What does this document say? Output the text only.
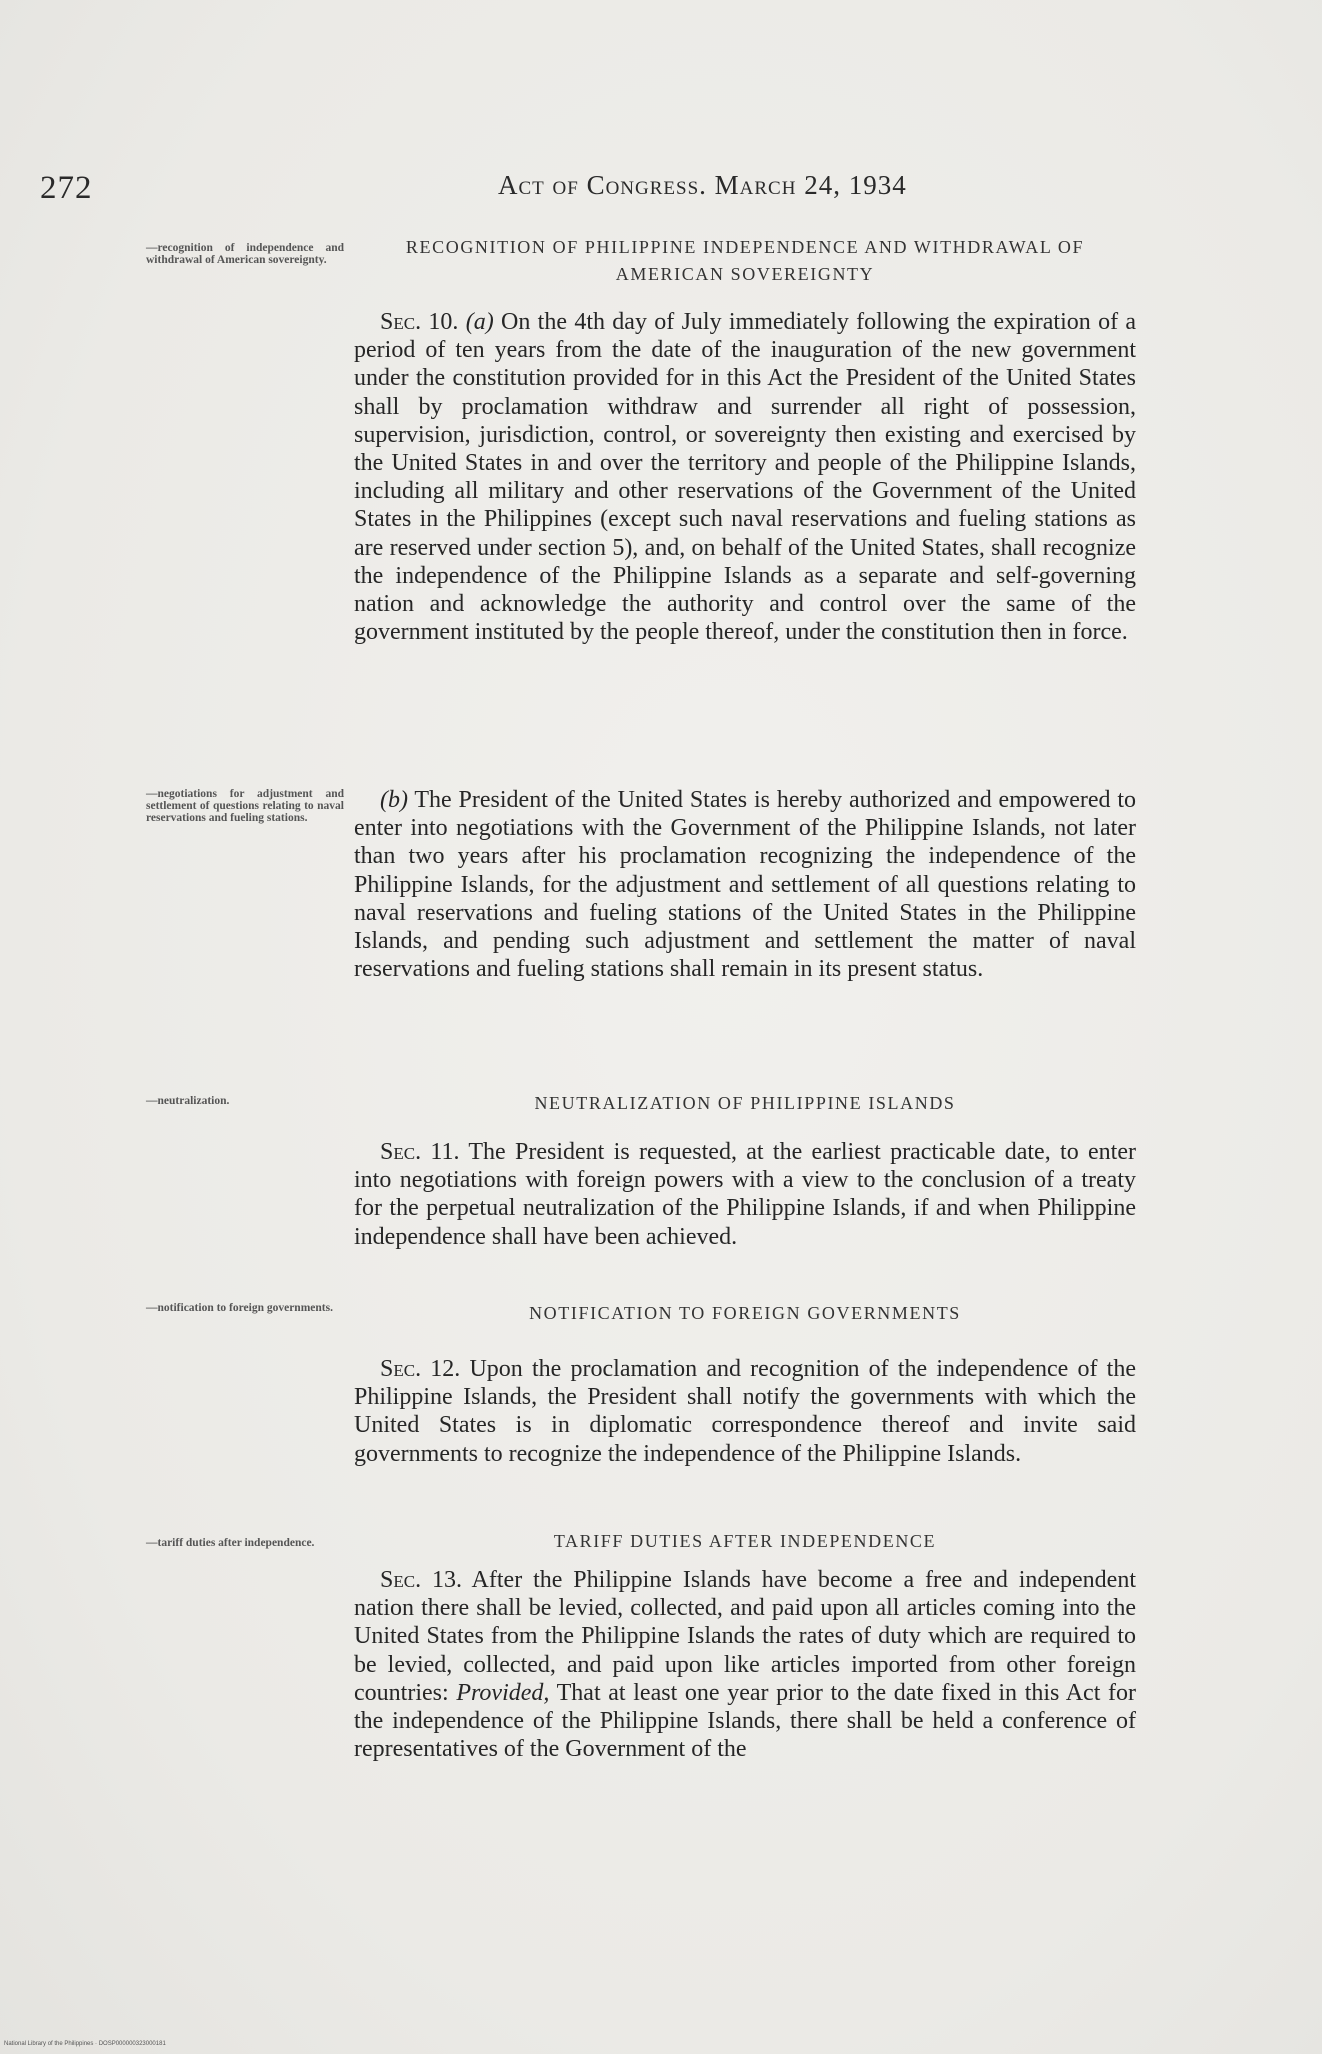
272	Act of Congress. March 24, 1934
—recognition of independence and withdrawal of American sovereignty.
RECOGNITION OF PHILIPPINE INDEPENDENCE AND WITHDRAWAL OF AMERICAN SOVEREIGNTY

Sec. 10. (a) On the 4th day of July immediately following the expiration of a period of ten years from the date of the inauguration of the new government under the constitution provided for in this Act the President of the United States shall by proclamation withdraw and surrender all right of possession, supervision, jurisdiction, control, or sovereignty then existing and exercised by the United States in and over the territory and people of the Philippine Islands, including all military and other reservations of the Government of the United States in the Philippines (except such naval reservations and fueling stations as are reserved under section 5), and, on behalf of the United States, shall recognize the independence of the Philippine Islands as a separate and self-governing nation and acknowledge the authority and control over the same of the government instituted by the people thereof, under the constitution then in force.

—negotiations for adjustment and settlement of questions relating to naval reservations and fueling stations.

(b) The President of the United States is hereby authorized and empowered to enter into negotiations with the Government of the Philippine Islands, not later than two years after his proclamation recognizing the independence of the Philippine Islands, for the adjustment and settlement of all questions relating to naval reservations and fueling stations of the United States in the Philippine Islands, and pending such adjustment and settlement the matter of naval reservations and fueling stations shall remain in its present status.

—neutralization.	NEUTRALIZATION OF PHILIPPINE ISLANDS

Sec. 11. The President is requested, at the earliest practicable date, to enter into negotiations with foreign powers with a view to the conclusion of a treaty for the perpetual neutralization of the Philippine Islands, if and when Philippine independence shall have been achieved.

—notification to foreign governments.	NOTIFICATION TO FOREIGN GOVERNMENTS

Sec. 12. Upon the proclamation and recognition of the independence of the Philippine Islands, the President shall notify the governments with which the United States is in diplomatic correspondence thereof and invite said governments to recognize the independence of the Philippine Islands.

—tariff duties after independence.	TARIFF DUTIES AFTER INDEPENDENCE

Sec. 13. After the Philippine Islands have become a free and independent nation there shall be levied, collected, and paid upon all articles coming into the United States from the Philippine Islands the rates of duty which are required to be levied, collected, and paid upon like articles imported from other foreign countries: Provided, That at least one year prior to the date fixed in this Act for the independence of the Philippine Islands, there shall be held a conference of representatives of the Government of the

National Library of the Philippines · DOSP000000323000181
